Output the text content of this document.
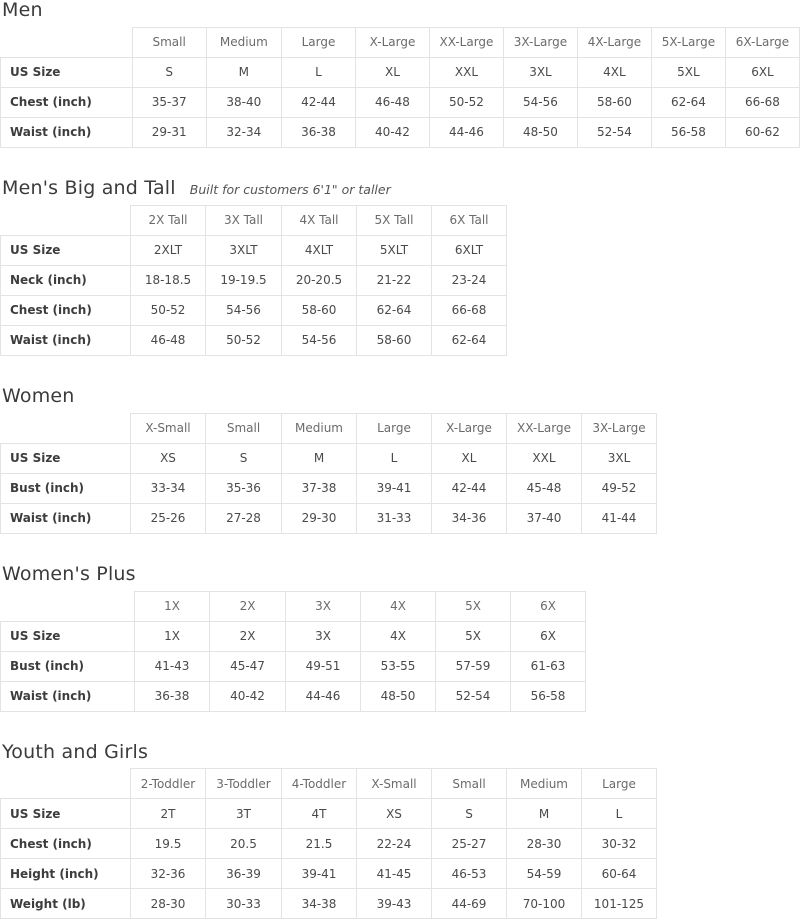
Men
	Small	Medium	Large	X-Large	XX-Large	3X-Large	4X-Large	5X-Large	6X-Large
US Size	S	M	L	XL	XXL	3XL	4XL	5XL	6XL
Chest (inch)	35-37	38-40	42-44	46-48	50-52	54-56	58-60	62-64	66-68
Waist (inch)	29-31	32-34	36-38	40-42	44-46	48-50	52-54	56-58	60-62
Men's Big and Tall Built for customers 6'1" or taller
	2X Tall	3X Tall	4X Tall	5X Tall	6X Tall
US Size	2XLT	3XLT	4XLT	5XLT	6XLT
Neck (inch)	18-18.5	19-19.5	20-20.5	21-22	23-24
Chest (inch)	50-52	54-56	58-60	62-64	66-68
Waist (inch)	46-48	50-52	54-56	58-60	62-64
Women
	X-Small	Small	Medium	Large	X-Large	XX-Large	3X-Large
US Size	XS	S	M	L	XL	XXL	3XL
Bust (inch)	33-34	35-36	37-38	39-41	42-44	45-48	49-52
Waist (inch)	25-26	27-28	29-30	31-33	34-36	37-40	41-44
Women's Plus
	1X	2X	3X	4X	5X	6X
US Size	1X	2X	3X	4X	5X	6X
Bust (inch)	41-43	45-47	49-51	53-55	57-59	61-63
Waist (inch)	36-38	40-42	44-46	48-50	52-54	56-58
Youth and Girls
	2-Toddler	3-Toddler	4-Toddler	X-Small	Small	Medium	Large
US Size	2T	3T	4T	XS	S	M	L
Chest (inch)	19.5	20.5	21.5	22-24	25-27	28-30	30-32
Height (inch)	32-36	36-39	39-41	41-45	46-53	54-59	60-64
Weight (lb)	28-30	30-33	34-38	39-43	44-69	70-100	101-125
